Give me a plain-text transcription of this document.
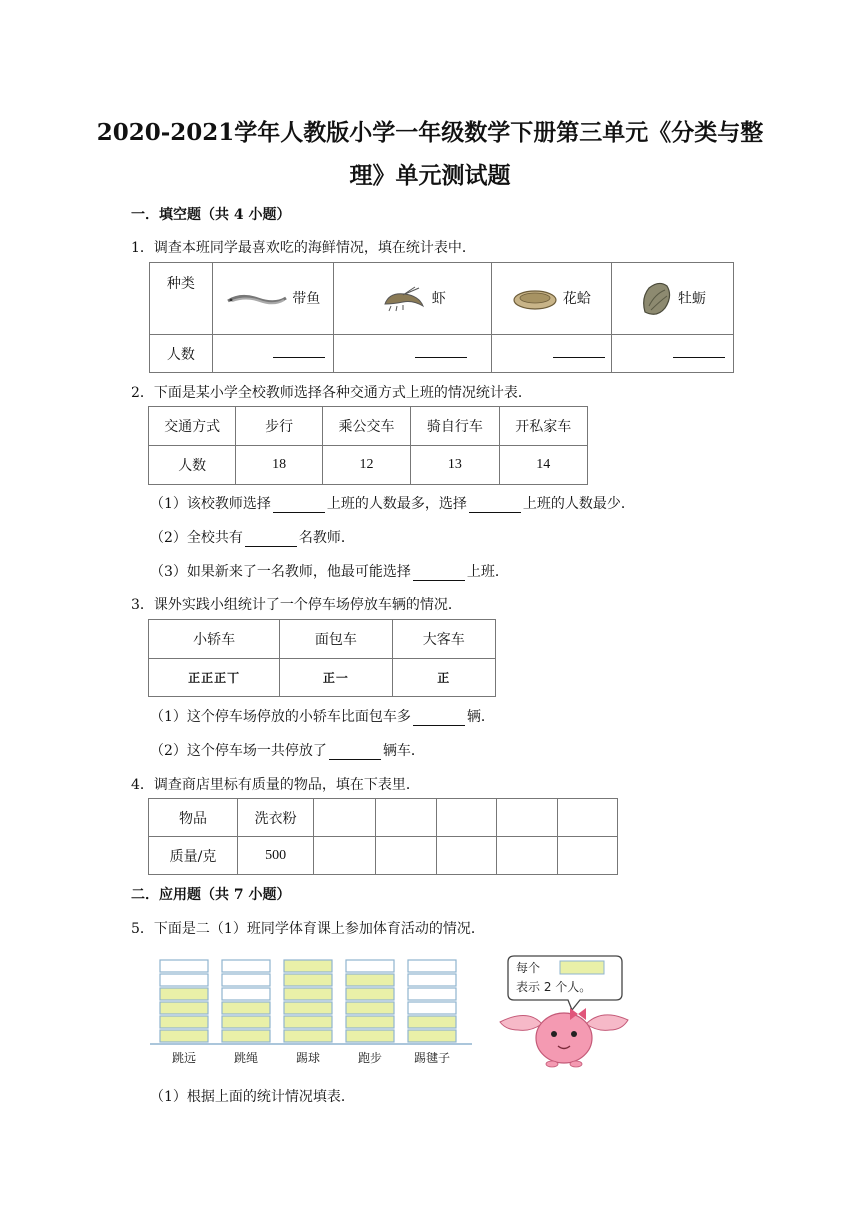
2020-2021学年人教版小学一年级数学下册第三单元《分类与整
理》单元测试题
一．填空题（共 4 小题）
1．调查本班同学最喜欢吃的海鲜情况，填在统计表中．
种类	带鱼	虾	花蛤	牡蛎
人数				
2．下面是某小学全校教师选择各种交通方式上班的情况统计表．
交通方式	步行	乘公交车	骑自行车	开私家车
人数	18	12	13	14
（1）该校教师选择	上班的人数最多，选择	上班的人数最少．
（2）全校共有	名教师．
（3）如果新来了一名教师，他最可能选择	上班．
3．课外实践小组统计了一个停车场停放车辆的情况．
小轿车	面包车	大客车
正正正丅	正一	正
（1）这个停车场停放的小轿车比面包车多	辆．
（2）这个停车场一共停放了	辆车．
4．调查商店里标有质量的物品，填在下表里．
物品	洗衣粉					
质量/克	500					
二．应用题（共 7 小题）
5．下面是二（1）班同学体育课上参加体育活动的情况．
跳远	跳绳	踢球	跑步	踢毽子
每个
表示 2 个人。
（1）根据上面的统计情况填表．
